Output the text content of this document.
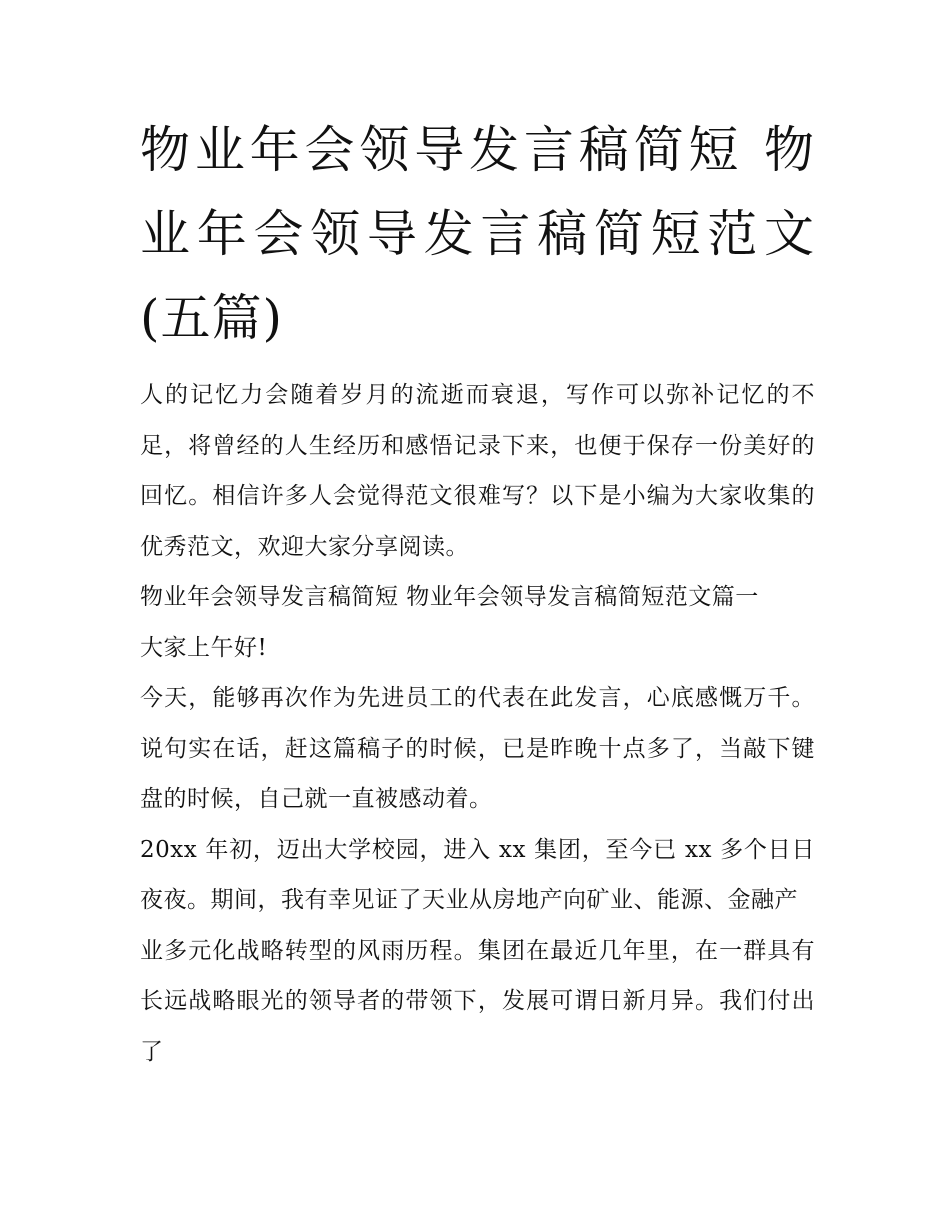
物业年会领导发言稿简短 物业年会领导发言稿简短范文(五篇)

人的记忆力会随着岁月的流逝而衰退，写作可以弥补记忆的不足，将曾经的人生经历和感悟记录下来，也便于保存一份美好的回忆。相信许多人会觉得范文很难写？以下是小编为大家收集的优秀范文，欢迎大家分享阅读。

物业年会领导发言稿简短 物业年会领导发言稿简短范文篇一

大家上午好!

今天，能够再次作为先进员工的代表在此发言，心底感慨万千。说句实在话，赶这篇稿子的时候，已是昨晚十点多了，当敲下键盘的时候，自己就一直被感动着。

20xx 年初，迈出大学校园，进入 xx 集团，至今已 xx 多个日日夜夜。期间，我有幸见证了天业从房地产向矿业、能源、金融产

业多元化战略转型的风雨历程。集团在最近几年里，在一群具有长远战略眼光的领导者的带领下，发展可谓日新月异。我们付出了
